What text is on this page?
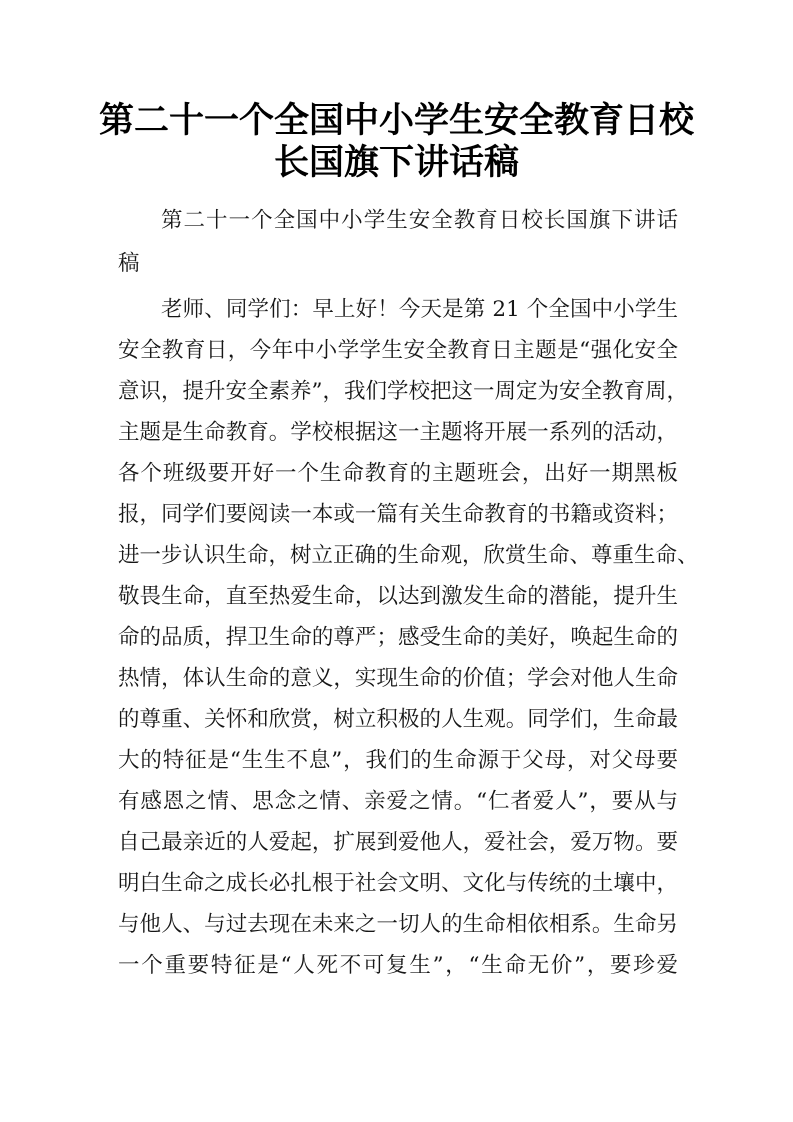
第二十一个全国中小学生安全教育日校
长国旗下讲话稿
第二十一个全国中小学生安全教育日校长国旗下讲话
稿
老师、同学们：早上好！今天是第 21 个全国中小学生
安全教育日，今年中小学学生安全教育日主题是“强化安全
意识，提升安全素养”，我们学校把这一周定为安全教育周，
主题是生命教育。学校根据这一主题将开展一系列的活动，
各个班级要开好一个生命教育的主题班会，出好一期黑板
报，同学们要阅读一本或一篇有关生命教育的书籍或资料；
进一步认识生命，树立正确的生命观，欣赏生命、尊重生命、
敬畏生命，直至热爱生命，以达到激发生命的潜能，提升生
命的品质，捍卫生命的尊严；感受生命的美好，唤起生命的
热情，体认生命的意义，实现生命的价值；学会对他人生命
的尊重、关怀和欣赏，树立积极的人生观。同学们，生命最
大的特征是“生生不息”，我们的生命源于父母，对父母要
有感恩之情、思念之情、亲爱之情。“仁者爱人”，要从与
自己最亲近的人爱起，扩展到爱他人，爱社会，爱万物。要
明白生命之成长必扎根于社会文明、文化与传统的土壤中，
与他人、与过去现在未来之一切人的生命相依相系。生命另
一个重要特征是“人死不可复生”，“生命无价”，要珍爱
